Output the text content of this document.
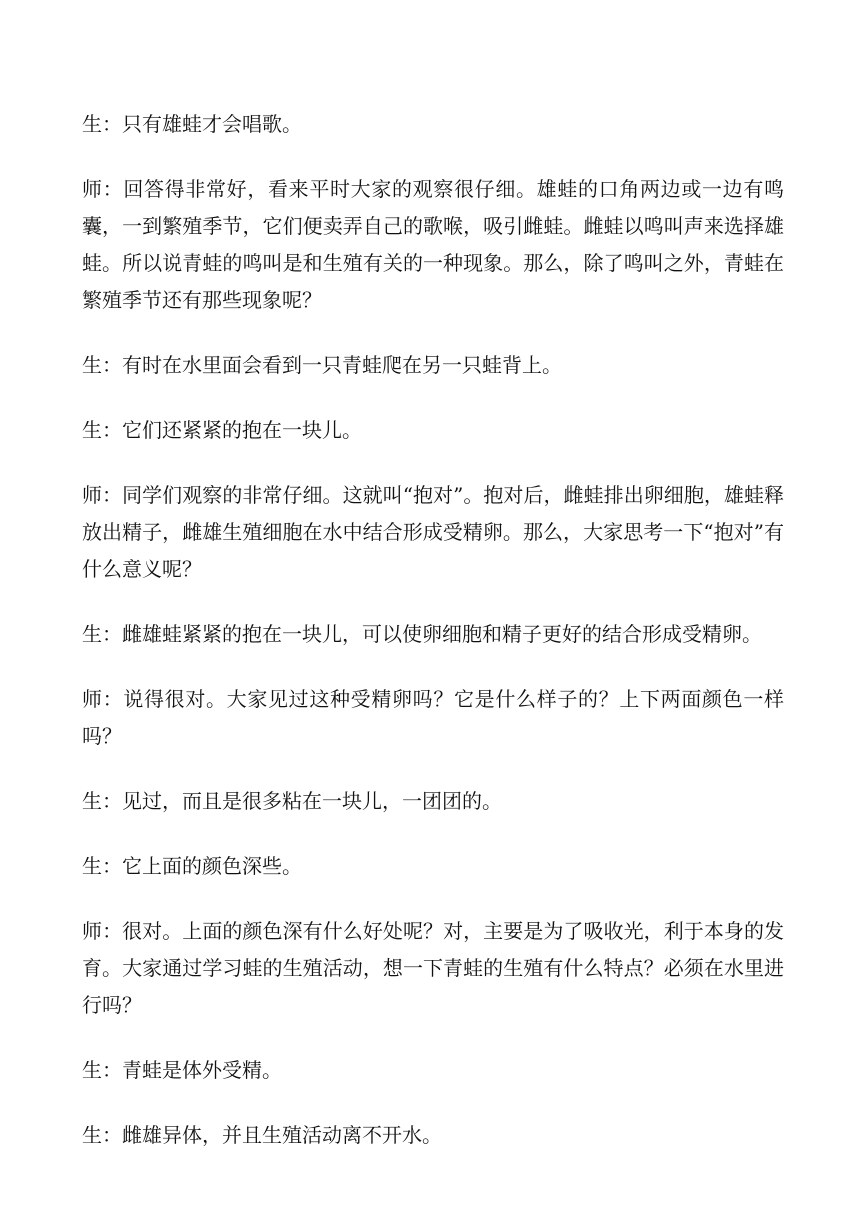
生：只有雄蛙才会唱歌。

师：回答得非常好，看来平时大家的观察很仔细。雄蛙的口角两边或一边有鸣囊，一到繁殖季节，它们便卖弄自己的歌喉，吸引雌蛙。雌蛙以鸣叫声来选择雄蛙。所以说青蛙的鸣叫是和生殖有关的一种现象。那么，除了鸣叫之外，青蛙在繁殖季节还有那些现象呢？

生：有时在水里面会看到一只青蛙爬在另一只蛙背上。

生：它们还紧紧的抱在一块儿。

师：同学们观察的非常仔细。这就叫“抱对”。抱对后，雌蛙排出卵细胞，雄蛙释放出精子，雌雄生殖细胞在水中结合形成受精卵。那么，大家思考一下“抱对”有什么意义呢？

生：雌雄蛙紧紧的抱在一块儿，可以使卵细胞和精子更好的结合形成受精卵。

师：说得很对。大家见过这种受精卵吗？它是什么样子的？上下两面颜色一样吗？

生：见过，而且是很多粘在一块儿，一团团的。

生：它上面的颜色深些。

师：很对。上面的颜色深有什么好处呢？对，主要是为了吸收光，利于本身的发育。大家通过学习蛙的生殖活动，想一下青蛙的生殖有什么特点？必须在水里进行吗？

生：青蛙是体外受精。

生：雌雄异体，并且生殖活动离不开水。
